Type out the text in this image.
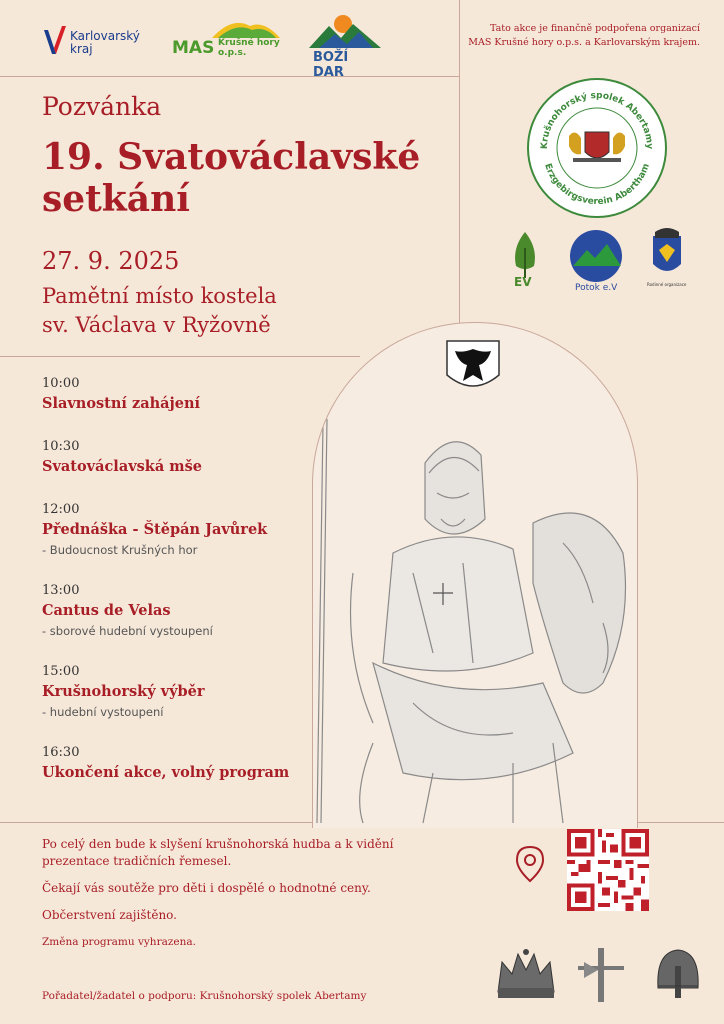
Karlovarský kraj	MAS Krušné hory
o.p.s.	BOŽÍ DAR
Tato akce je finančně podpořena organizací
MAS Krušné hory o.p.s. a Karlovarským krajem.
Krušnohorský spolek Abertamy
Erzgebirgsverein Abertham
EV	Potok e.V	Rodinné organizace
Pozvánka
19. Svatováclavské
setkání
27. 9. 2025
Pamětní místo kostela
sv. Václava v Ryžovně
10:00
Slavnostní zahájení
10:30
Svatováclavská mše
12:00
Přednáška - Štěpán Javůrek
- Budoucnost Krušných hor
13:00
Cantus de Velas
- sborové hudební vystoupení
15:00
Krušnohorský výběr
- hudební vystoupení
16:30
Ukončení akce, volný program

Po celý den bude k slyšení krušnohorská hudba a k vidění prezentace tradičních řemesel.

Čekají vás soutěže pro děti i dospělé o hodnotné ceny.

Občerstvení zajištěno.

Změna programu vyhrazena.

Pořadatel/žadatel o podporu: Krušnohorský spolek Abertamy
